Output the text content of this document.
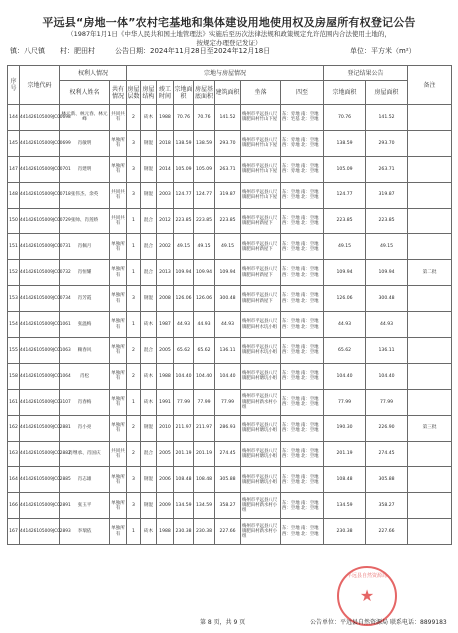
平远县“房地一体”农村宅基地和集体建设用地使用权及房屋所有权登记公告
（1987年1月1日《中华人民共和国土地管理法》实施后至历次法律法规和政策规定允许范围内合法使用土地的，
按规定办理登记发证）
镇：八尺镇 村：肥田村	公告日期：2024年11月28日至2024年12月18日	单位：平方米（m²）
序号	宗地代码	权利人情况		宗地与房屋情况								登记结果公告		备注
		权利人姓名	共有情况	房屋层数	房屋结构	竣工时间	宗地面积	房屋基底面积	建筑面积	坐落	四至	宗地面积	房屋面积	
144	441426105009JC00698	林元新、林元春、林元峰	共同共有	2	砖木	1988	70.76	70.76	141.52	梅州市平远县八尺镇肥田村竹山下屋	东：旁地 南：空地 西：宅基 北：空地	70.76	141.52	
145	441426105009JC00699	肖敏明	单独所有	3	钢混	2018	138.59	138.59	293.70	梅州市平远县八尺镇肥田村竹山下屋	东：旁地 南：空地 西：旁地 北：空地	138.59	293.70	
147	441426105009JC00701	肖建明	单独所有	3	钢混	2014	105.09	105.09	263.71	梅州市平远县八尺镇肥田村竹山下屋	东：空地 南：空地 西：旁地 北：空地	105.09	263.71	
148	441426105009JC00718	张伟杰、余英	共同共有	3	钢混	2003	124.77	124.77	319.87	梅州市平远县八尺镇肥田村竹山下屋	东：空地 南：空地 西：空地 北：空地	124.77	319.87	
150	441426105009JC00729	张帅、肖莲娇	共同共有	1	混合	2012	223.85	223.85	223.85	梅州市平远县八尺镇肥田村新屋下	东：空地 南：空地 西：空地 北：空地	223.85	223.85	
151	441426105009JC00731	肖佩月	单独所有	1	混合	2002	49.15	49.15	49.15	梅州市平远县八尺镇肥田村新屋下	东：空地 南：空地 西：空地 北：空地	49.15	49.15	
152	441426105009JC00732	肖恒耀	单独所有	1	混合	2013	109.94	109.94	109.94	梅州市平远县八尺镇肥田村新屋下	东：空地 南：空地 西：空地 北：空地	109.94	109.94	第二批
153	441426105009JC00734	肖芳霞	单独所有	3	钢混	2008	126.06	126.06	300.48	梅州市平远县八尺镇肥田村新屋下	东：空地 南：空地 西：空地 北：空地	126.06	300.48	
154	441426105009JC01061	张温梅	单独所有	1	砖木	1987	44.93	44.93	44.93	梅州市平远县八尺镇肥田村水坑小组	东：空地 南：空地 西：空地 北：空地	44.93	44.93	
155	441426105009JC01063	赖春风	单独所有	2	混合	2005	65.62	65.62	136.11	梅州市平远县八尺镇肥田村水坑小组	东：空地 南：空地 西：空地 北：空地	65.62	136.11	
158	441426105009JC01064	肖松	单独所有	2	砖木	1988	104.40	104.40	104.40	梅州市平远县八尺镇肥田村塘坑小组	东：空地 南：空地 西：空地 北：空地	104.40	104.40	
161	441426105009JC03107	肖春梅	单独所有	1	砖木	1991	77.99	77.99	77.99	梅州市平远县八尺镇肥田村新水村小组	东：空地 南：空地 西：空地 北：空地	77.99	77.99	
162	441426105009JC02881	肖小亮	单独所有	2	钢混	2010	211.97	211.97	286.93	梅州市平远县八尺镇肥田村塘坑小组	东：空地 南：空地 西：空地 北：空地	190.30	226.90	第三批
163	441426105009JC02882	肖继承、肖国庆	共同共有	2	混合	2005	201.19	201.19	274.45	梅州市平远县八尺镇肥田村塘坑小组	东：空地 南：空地 西：空地 北：空地	201.19	274.45	
164	441426105009JC02885	肖志雄	单独所有	3	钢混	2006	108.48	108.48	305.88	梅州市平远县八尺镇肥田村塘坑小组	东：空地 南：空地 西：空地 北：空地	108.48	305.88	
166	441426105009JC02891	张玉平	单独所有	3	钢混	2009	134.59	134.59	358.27	梅州市平远县八尺镇肥田村新水村小组	东：空地 南：空地 西：空地 北：空地	134.59	358.27	
167	441426105009JC02893	李瑞依	单独所有	1	砖木	1988	230.38	230.38	227.66	梅州市平远县八尺镇肥田村新水村小组	东：空地 南：空地 西：空地 北：空地	230.38	227.66	
平远县自然资源局
★
第 8 页，共 9 页	公告单位：平远县自然资源局 联系电话：8899183
